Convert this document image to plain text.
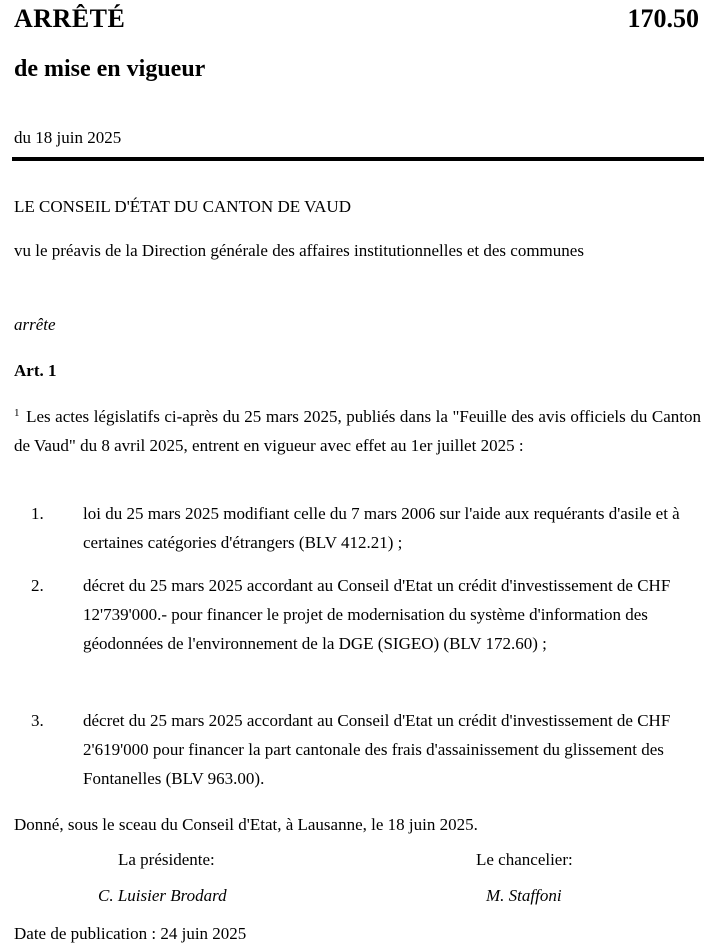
ARRÊTÉ	170.50
de mise en vigueur
du 18 juin 2025
LE CONSEIL D'ÉTAT DU CANTON DE VAUD
vu le préavis de la Direction générale des affaires institutionnelles et des communes
arrête
Art. 1
$^1$ Les actes législatifs ci-après du 25 mars 2025, publiés dans la "Feuille des avis officiels du Canton de Vaud" du 8 avril 2025, entrent en vigueur avec effet au 1er juillet 2025 :
1. loi du 25 mars 2025 modifiant celle du 7 mars 2006 sur l'aide aux requérants d'asile et à certaines catégories d'étrangers (BLV 412.21) ;
2. décret du 25 mars 2025 accordant au Conseil d'Etat un crédit d'investissement de CHF 12'739'000.- pour financer le projet de modernisation du système d'information des géodonnées de l'environnement de la DGE (SIGEO) (BLV 172.60) ;
3. décret du 25 mars 2025 accordant au Conseil d'Etat un crédit d'investissement de CHF 2'619'000 pour financer la part cantonale des frais d'assainissement du glissement des Fontanelles (BLV 963.00).
Donné, sous le sceau du Conseil d'Etat, à Lausanne, le 18 juin 2025.
La présidente:	Le chancelier:
C. Luisier Brodard	M. Staffoni
Date de publication : 24 juin 2025
